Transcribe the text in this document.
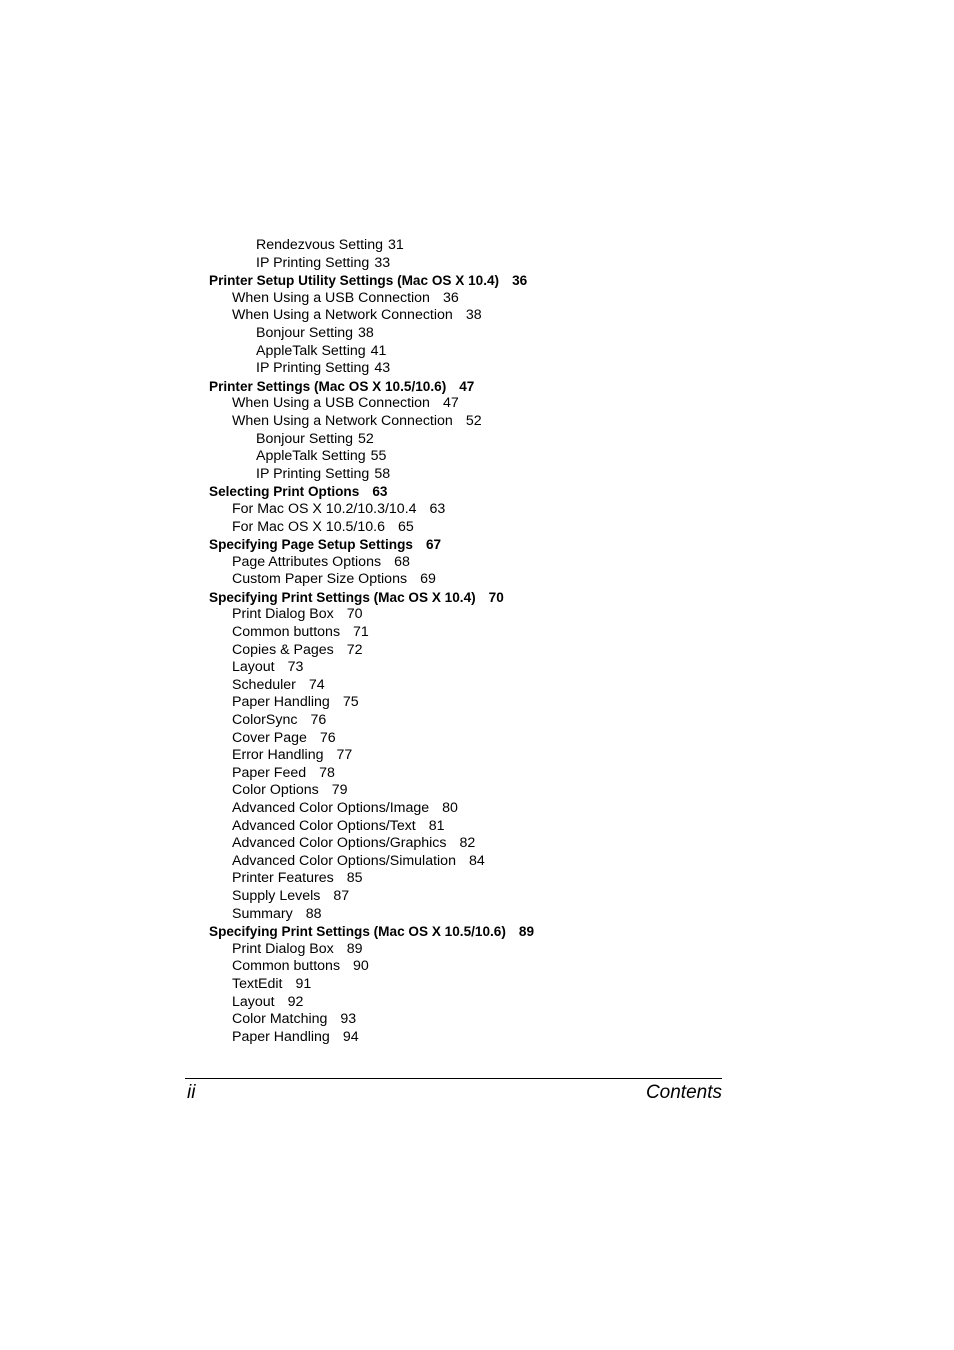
Rendezvous Setting 31
IP Printing Setting 33
Printer Setup Utility Settings (Mac OS X 10.4) 36
When Using a USB Connection 36
When Using a Network Connection 38
Bonjour Setting 38
AppleTalk Setting 41
IP Printing Setting 43
Printer Settings (Mac OS X 10.5/10.6) 47
When Using a USB Connection 47
When Using a Network Connection 52
Bonjour Setting 52
AppleTalk Setting 55
IP Printing Setting 58
Selecting Print Options 63
For Mac OS X 10.2/10.3/10.4 63
For Mac OS X 10.5/10.6 65
Specifying Page Setup Settings 67
Page Attributes Options 68
Custom Paper Size Options 69
Specifying Print Settings (Mac OS X 10.4) 70
Print Dialog Box 70
Common buttons 71
Copies & Pages 72
Layout 73
Scheduler 74
Paper Handling 75
ColorSync 76
Cover Page 76
Error Handling 77
Paper Feed 78
Color Options 79
Advanced Color Options/Image 80
Advanced Color Options/Text 81
Advanced Color Options/Graphics 82
Advanced Color Options/Simulation 84
Printer Features 85
Supply Levels 87
Summary 88
Specifying Print Settings (Mac OS X 10.5/10.6) 89
Print Dialog Box 89
Common buttons 90
TextEdit 91
Layout 92
Color Matching 93
Paper Handling 94
ii	Contents
